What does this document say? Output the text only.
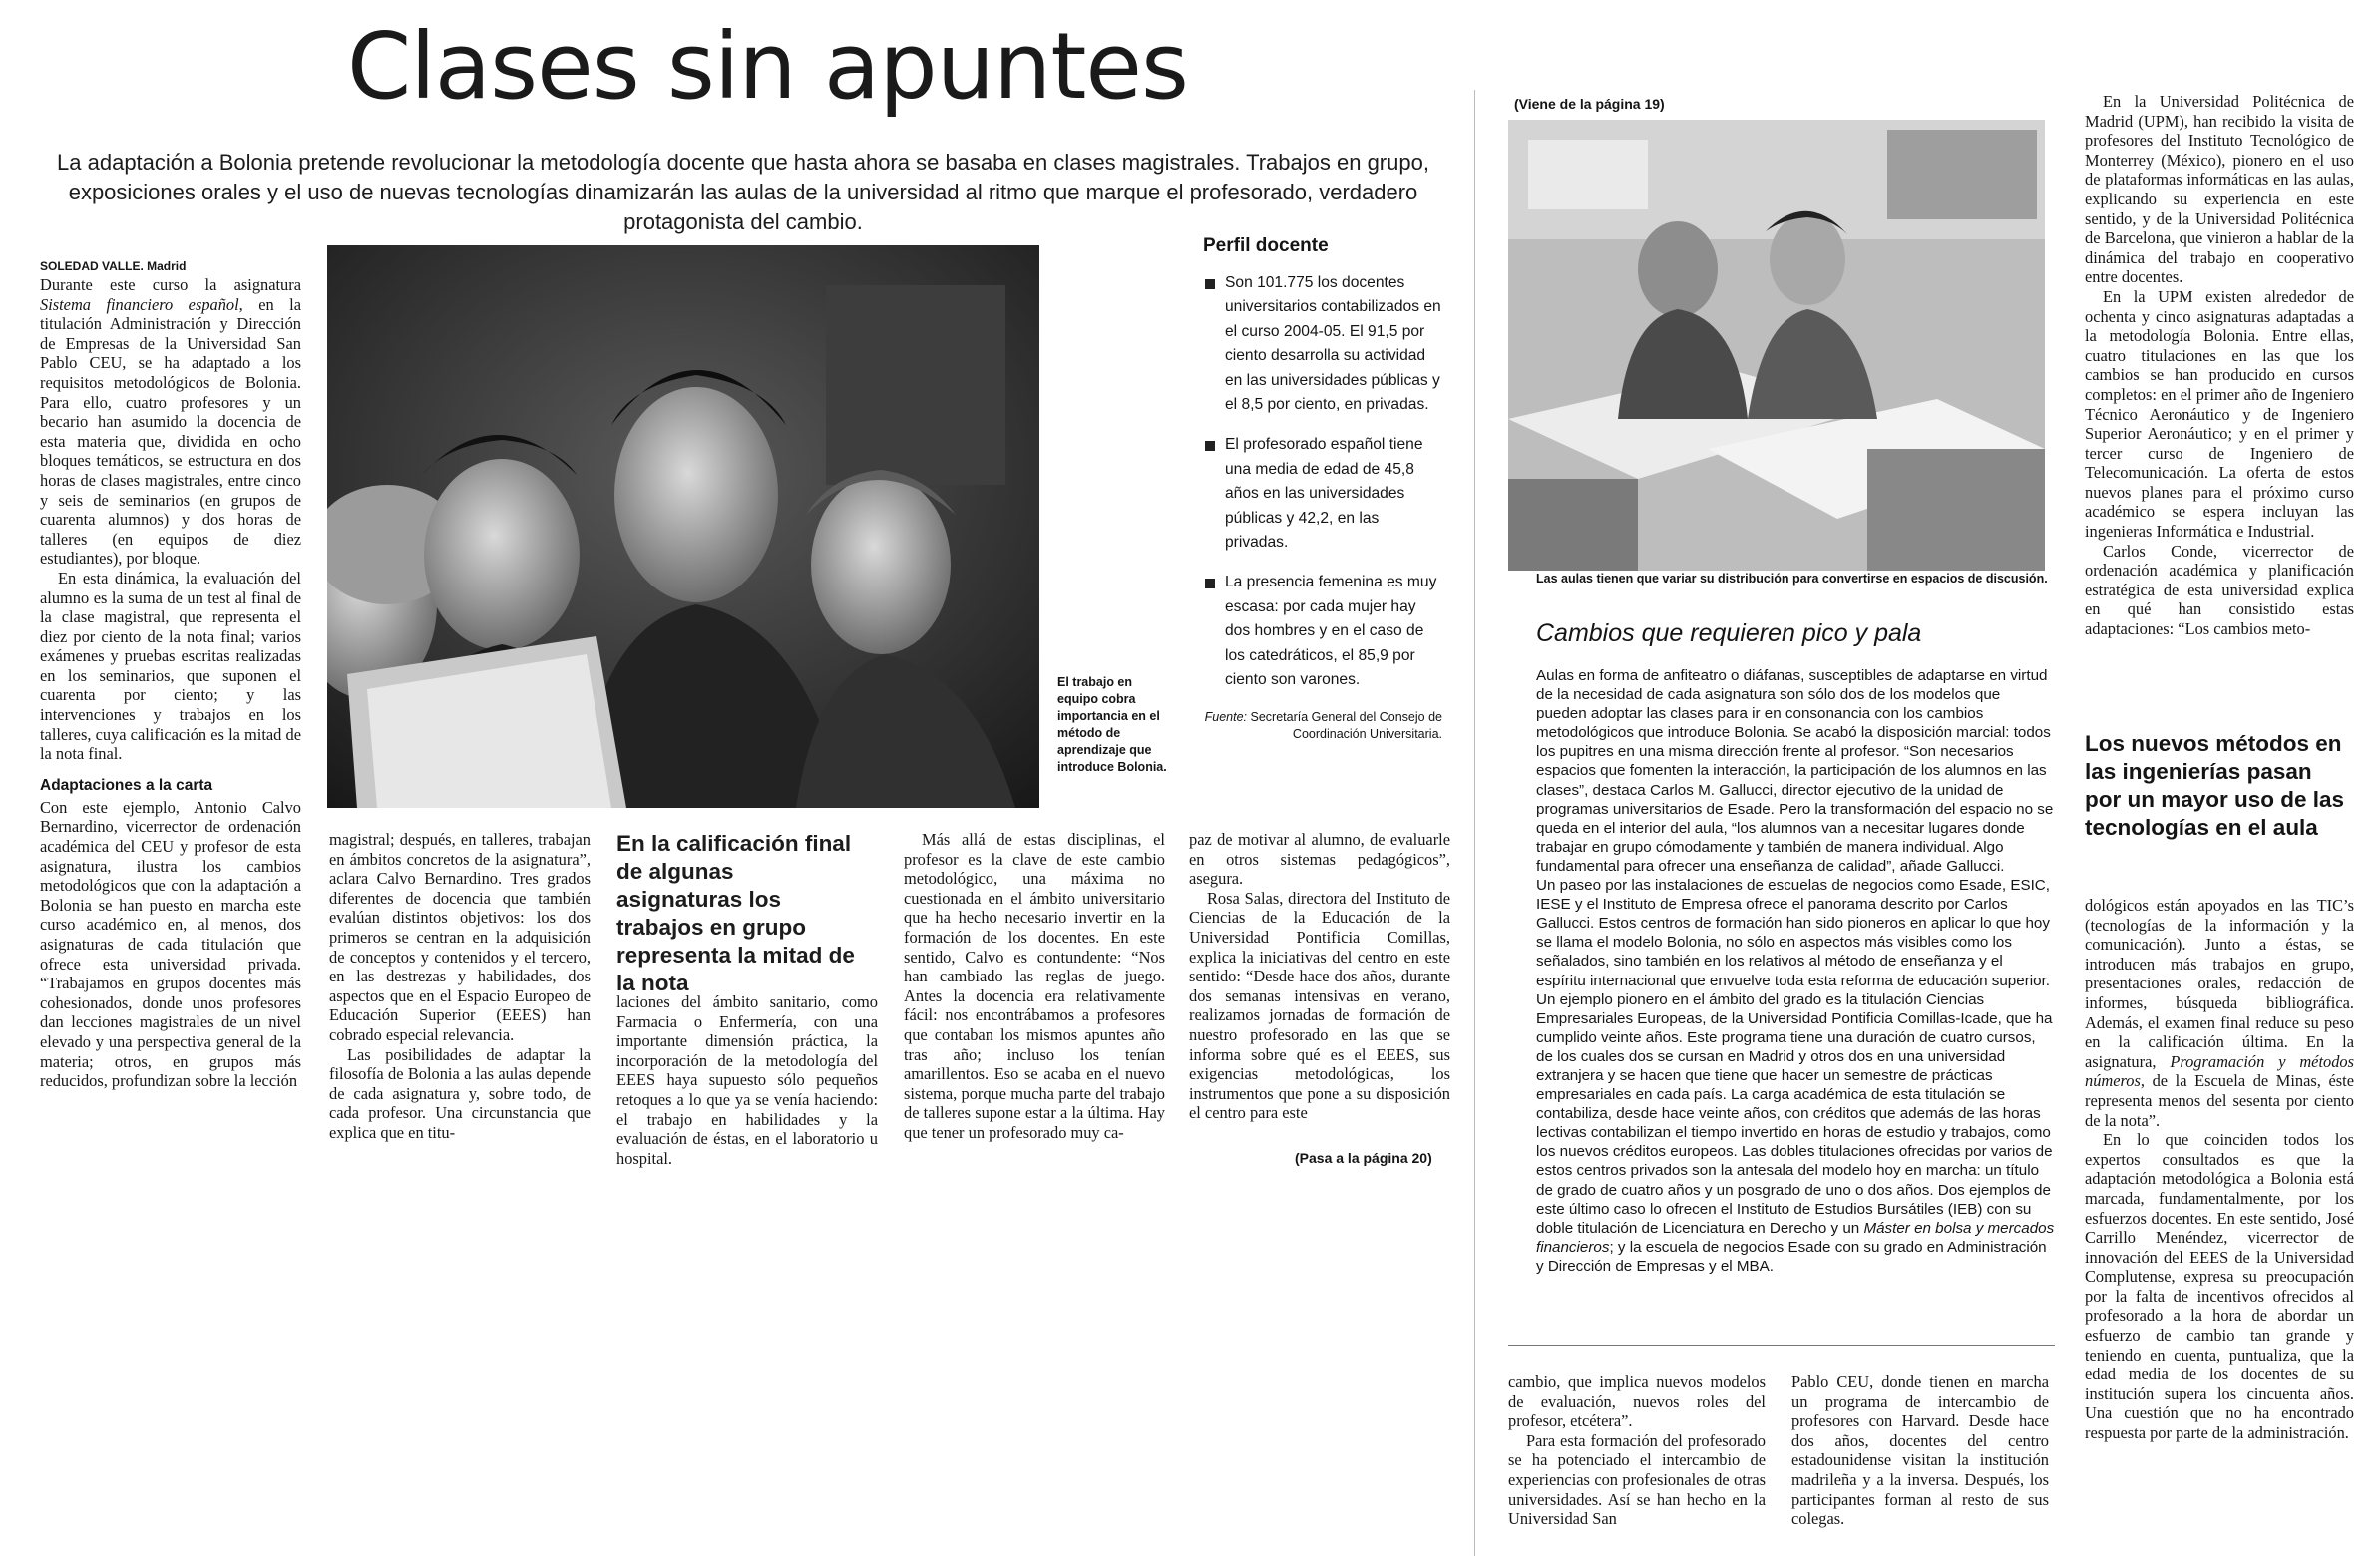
Clases sin apuntes
La adaptación a Bolonia pretende revolucionar la metodología docente que hasta ahora se basaba en clases magistrales. Trabajos en grupo, exposiciones orales y el uso de nuevas tecnologías dinamizarán las aulas de la universidad al ritmo que marque el profesorado, verdadero protagonista del cambio.
SOLEDAD VALLE. Madrid

Durante este curso la asignatura Sistema financiero español, en la titulación Administración y Dirección de Empresas de la Universidad San Pablo CEU, se ha adaptado a los requisitos metodológicos de Bolonia. Para ello, cuatro profesores y un becario han asumido la docencia de esta materia que, dividida en ocho bloques temáticos, se estructura en dos horas de clases magistrales, entre cinco y seis de seminarios (en grupos de cuarenta alumnos) y dos horas de talleres (en equipos de diez estudiantes), por bloque.

En esta dinámica, la evaluación del alumno es la suma de un test al final de la clase magistral, que representa el diez por ciento de la nota final; varios exámenes y pruebas escritas realizadas en los seminarios, que suponen el cuarenta por ciento; y las intervenciones y trabajos en los talleres, cuya calificación es la mitad de la nota final.

Adaptaciones a la carta

Con este ejemplo, Antonio Calvo Bernardino, vicerrector de ordenación académica del CEU y profesor de esta asignatura, ilustra los cambios metodológicos que con la adaptación a Bolonia se han puesto en marcha este curso académico en, al menos, dos asignaturas de cada titulación que ofrece esta universidad privada. “Trabajamos en grupos docentes más cohesionados, donde unos profesores dan lecciones magistrales de un nivel elevado y una perspectiva general de la materia; otros, en grupos más reducidos, profundizan sobre la lección

El trabajo en equipo cobra importancia en el método de aprendizaje que introduce Bolonia.
Perfil docente
Son 101.775 los docentes universitarios contabilizados en el curso 2004-05. El 91,5 por ciento desarrolla su actividad en las universidades públicas y el 8,5 por ciento, en privadas.
El profesorado español tiene una media de edad de 45,8 años en las universidades públicas y 42,2, en las privadas.
La presencia femenina es muy escasa: por cada mujer hay dos hombres y en el caso de los catedráticos, el 85,9 por ciento son varones.
Fuente: Secretaría General del Consejo de Coordinación Universitaria.

magistral; después, en talleres, trabajan en ámbitos concretos de la asignatura”, aclara Calvo Bernardino. Tres grados diferentes de docencia que también evalúan distintos objetivos: los dos primeros se centran en la adquisición de conceptos y contenidos y el tercero, en las destrezas y habilidades, dos aspectos que en el Espacio Europeo de Educación Superior (EEES) han cobrado especial relevancia.

Las posibilidades de adaptar la filosofía de Bolonia a las aulas depende de cada asignatura y, sobre todo, de cada profesor. Una circunstancia que explica que en titu-

En la calificación final de algunas asignaturas los trabajos en grupo representa la mitad de la nota

laciones del ámbito sanitario, como Farmacia o Enfermería, con una importante dimensión práctica, la incorporación de la metodología del EEES haya supuesto sólo pequeños retoques a lo que ya se venía haciendo: el trabajo en habilidades y la evaluación de éstas, en el laboratorio u hospital.

Más allá de estas disciplinas, el profesor es la clave de este cambio metodológico, una máxima no cuestionada en el ámbito universitario que ha hecho necesario invertir en la formación de los docentes. En este sentido, Calvo es contundente: “Nos han cambiado las reglas de juego. Antes la docencia era relativamente fácil: nos encontrábamos a profesores que contaban los mismos apuntes año tras año; incluso los tenían amarillentos. Eso se acaba en el nuevo sistema, porque mucha parte del trabajo de talleres supone estar a la última. Hay que tener un profesorado muy ca-

paz de motivar al alumno, de evaluarle en otros sistemas pedagógicos”, asegura.

Rosa Salas, directora del Instituto de Ciencias de la Educación de la Universidad Pontificia Comillas, explica la iniciativas del centro en este sentido: “Desde hace dos años, durante dos semanas intensivas en verano, realizamos jornadas de formación de nuestro profesorado en las que se informa sobre qué es el EEES, sus exigencias metodológicas, los instrumentos que pone a su disposición el centro para este

(Pasa a la página 20)
(Viene de la página 19)
Las aulas tienen que variar su distribución para convertirse en espacios de discusión.
Cambios que requieren pico y pala

Aulas en forma de anfiteatro o diáfanas, susceptibles de adaptarse en virtud de la necesidad de cada asignatura son sólo dos de los modelos que pueden adoptar las clases para ir en consonancia con los cambios metodológicos que introduce Bolonia. Se acabó la disposición marcial: todos los pupitres en una misma dirección frente al profesor. “Son necesarios espacios que fomenten la interacción, la participación de los alumnos en las clases”, destaca Carlos M. Gallucci, director ejecutivo de la unidad de programas universitarios de Esade. Pero la transformación del espacio no se queda en el interior del aula, “los alumnos van a necesitar lugares donde trabajar en grupo cómodamente y también de manera individual. Algo fundamental para ofrecer una enseñanza de calidad”, añade Gallucci.

Un paseo por las instalaciones de escuelas de negocios como Esade, ESIC, IESE y el Instituto de Empresa ofrece el panorama descrito por Carlos Gallucci. Estos centros de formación han sido pioneros en aplicar lo que hoy se llama el modelo Bolonia, no sólo en aspectos más visibles como los señalados, sino también en los relativos al método de enseñanza y el espíritu internacional que envuelve toda esta reforma de educación superior.

Un ejemplo pionero en el ámbito del grado es la titulación Ciencias Empresariales Europeas, de la Universidad Pontificia Comillas-Icade, que ha cumplido veinte años. Este programa tiene una duración de cuatro cursos, de los cuales dos se cursan en Madrid y otros dos en una universidad extranjera y se hacen que tiene que hacer un semestre de prácticas empresariales en cada país. La carga académica de esta titulación se contabiliza, desde hace veinte años, con créditos que además de las horas lectivas contabilizan el tiempo invertido en horas de estudio y trabajos, como los nuevos créditos europeos. Las dobles titulaciones ofrecidas por varios de estos centros privados son la antesala del modelo hoy en marcha: un título de grado de cuatro años y un posgrado de uno o dos años. Dos ejemplos de este último caso lo ofrecen el Instituto de Estudios Bursátiles (IEB) con su doble titulación de Licenciatura en Derecho y un Máster en bolsa y mercados financieros; y la escuela de negocios Esade con su grado en Administración y Dirección de Empresas y el MBA.

cambio, que implica nuevos modelos de evaluación, nuevos roles del profesor, etcétera”.

Para esta formación del profesorado se ha potenciado el intercambio de experiencias con profesionales de otras universidades. Así se han hecho en la Universidad San

Pablo CEU, donde tienen en marcha un programa de intercambio de profesores con Harvard. Desde hace dos años, docentes del centro estadounidense visitan la institución madrileña y a la inversa. Después, los participantes forman al resto de sus colegas.

En la Universidad Politécnica de Madrid (UPM), han recibido la visita de profesores del Instituto Tecnológico de Monterrey (México), pionero en el uso de plataformas informáticas en las aulas, explicando su experiencia en este sentido, y de la Universidad Politécnica de Barcelona, que vinieron a hablar de la dinámica del trabajo en cooperativo entre docentes.

En la UPM existen alrededor de ochenta y cinco asignaturas adaptadas a la metodología Bolonia. Entre ellas, cuatro titulaciones en las que los cambios se han producido en cursos completos: en el primer año de Ingeniero Técnico Aeronáutico y de Ingeniero Superior Aeronáutico; y en el primer y tercer curso de Ingeniero de Telecomunicación. La oferta de estos nuevos planes para el próximo curso académico se espera incluyan las ingenieras Informática e Industrial.

Carlos Conde, vicerrector de ordenación académica y planificación estratégica de esta universidad explica en qué han consistido estas adaptaciones: “Los cambios meto-

Los nuevos métodos en las ingenierías pasan por un mayor uso de las tecnologías en el aula

dológicos están apoyados en las TIC’s (tecnologías de la información y la comunicación). Junto a éstas, se introducen más trabajos en grupo, presentaciones orales, redacción de informes, búsqueda bibliográfica. Además, el examen final reduce su peso en la calificación última. En la asignatura, Programación y métodos números, de la Escuela de Minas, éste representa menos del sesenta por ciento de la nota”.

En lo que coinciden todos los expertos consultados es que la adaptación metodológica a Bolonia está marcada, fundamentalmente, por los esfuerzos docentes. En este sentido, José Carrillo Menéndez, vicerrector de innovación del EEES de la Universidad Complutense, expresa su preocupación por la falta de incentivos ofrecidos al profesorado a la hora de abordar un esfuerzo de cambio tan grande y teniendo en cuenta, puntualiza, que la edad media de los docentes de su institución supera los cincuenta años. Una cuestión que no ha encontrado respuesta por parte de la administración.
